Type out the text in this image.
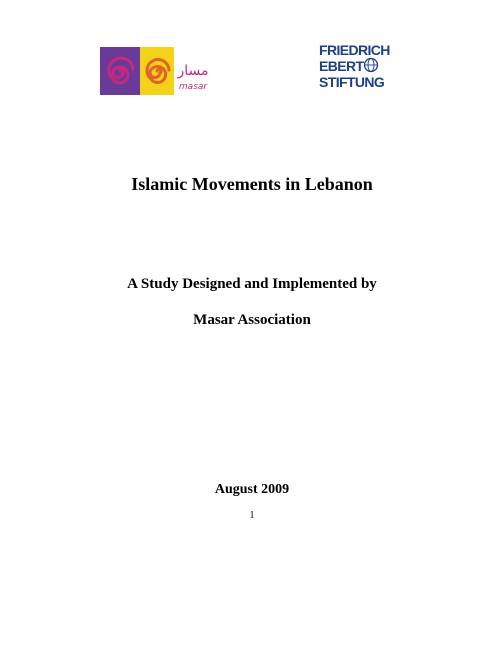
مسار
masar
FRIEDRICH
EBERT
STIFTUNG
Islamic Movements in Lebanon
A Study Designed and Implemented by
Masar Association
August 2009
1
